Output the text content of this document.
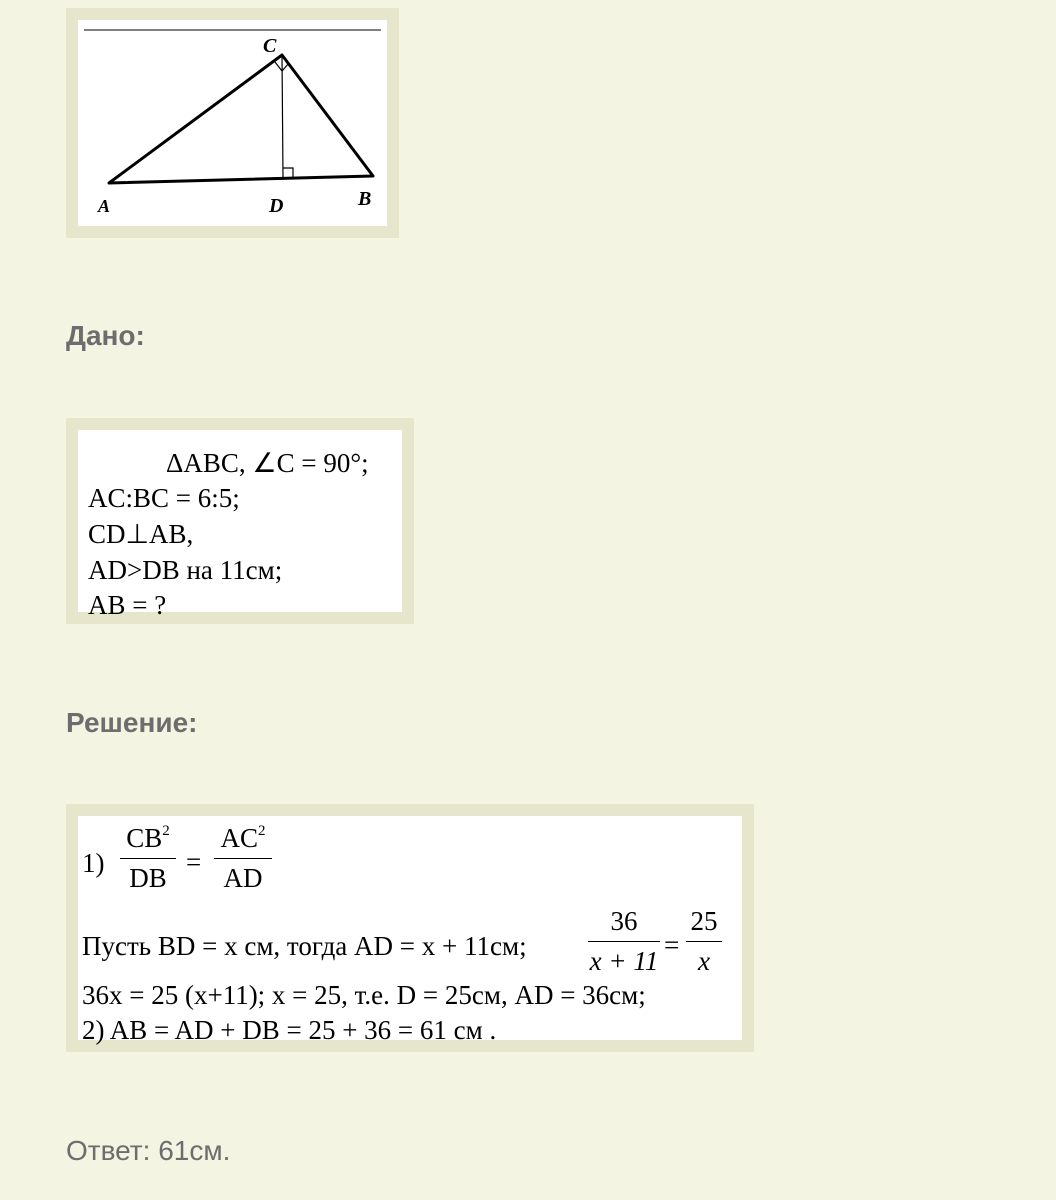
C
A	D	B
Дано:
ΔABC, ∠C = 90°;
AC:BC = 6:5;
CD⊥AB,
AD>DB на 11см;
AB = ?
Решение:
1)
$CB^2$
DB
=
$AC^2$
AD
Пусть BD = x см, тогда AD = x + 11см;
36
x + 11
=
25
x
36x = 25 (x+11); x = 25, т.е. D = 25см, AD = 36см;
2) AB = AD + DB = 25 + 36 = 61 см .

Ответ: 61см.
